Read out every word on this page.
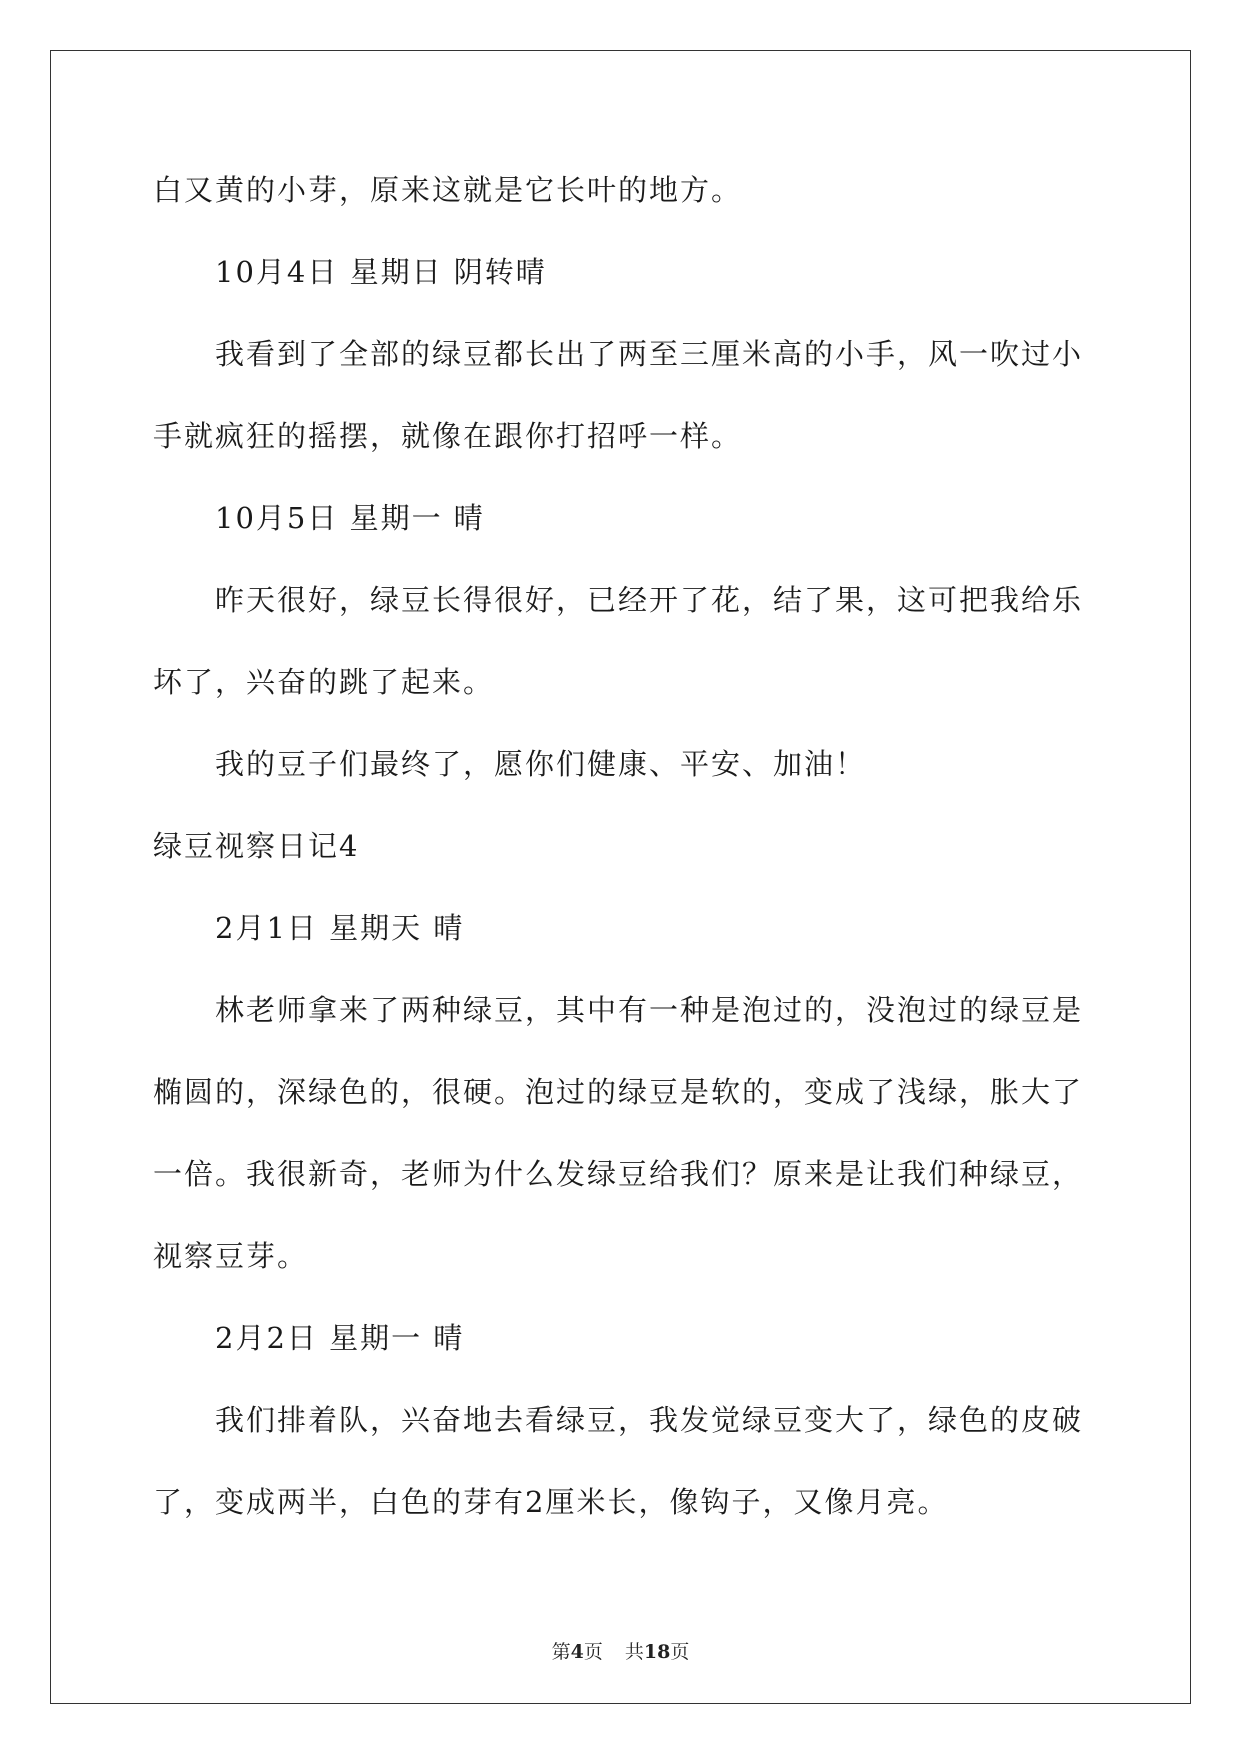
白又黄的小芽，原来这就是它长叶的地方。
10月4日 星期日 阴转晴
我看到了全部的绿豆都长出了两至三厘米高的小手，风一吹过小
手就疯狂的摇摆，就像在跟你打招呼一样。
10月5日 星期一 晴
昨天很好，绿豆长得很好，已经开了花，结了果，这可把我给乐
坏了，兴奋的跳了起来。
我的豆子们最终了，愿你们健康、平安、加油！
绿豆视察日记4
2月1日 星期天 晴
林老师拿来了两种绿豆，其中有一种是泡过的，没泡过的绿豆是
椭圆的，深绿色的，很硬。泡过的绿豆是软的，变成了浅绿，胀大了
一倍。我很新奇，老师为什么发绿豆给我们？原来是让我们种绿豆，
视察豆芽。
2月2日 星期一 晴
我们排着队，兴奋地去看绿豆，我发觉绿豆变大了，绿色的皮破
了，变成两半，白色的芽有2厘米长，像钩子，又像月亮。
第4页 共18页
